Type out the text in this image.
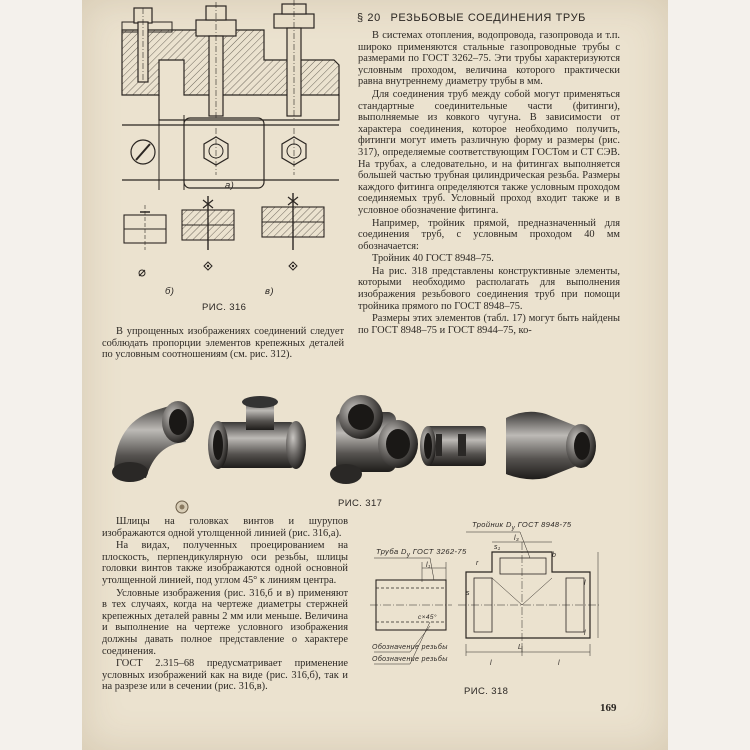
а)
б)	в)
РИС. 316
§ 20 РЕЗЬБОВЫЕ СОЕДИНЕНИЯ ТРУБ

В системах отопления, водопровода, газопровода и т.п. широко применяются стальные газопроводные трубы с размерами по ГОСТ 3262–75. Эти трубы характеризуются условным проходом, величина которого практически равна внутреннему диаметру трубы в мм.

Для соединения труб между собой могут применяться стандартные соединительные части (фитинги), выполняемые из ковкого чугуна. В зависимости от характера соединения, которое необходимо получить, фитинги могут иметь различную форму и размеры (рис. 317), определяемые соответствующим ГОСТом и СТ СЭВ. На трубах, а следовательно, и на фитингах выполняется большей частью трубная цилиндрическая резьба. Размеры каждого фитинга определяются также условным проходом соединяемых труб. Условный проход входит также и в условное обозначение фитинга.

Например, тройник прямой, предназначенный для соединения труб, с условным проходом 40 мм обозначается:

Тройник 40 ГОСТ 8948–75.

На рис. 318 представлены конструктивные элементы, которыми необходимо располагать для выполнения изображения резьбового соединения труб при помощи тройника прямого по ГОСТ 8948–75.

Размеры этих элементов (табл. 17) могут быть найдены по ГОСТ 8948–75 и ГОСТ 8944–75, ко-

В упрощенных изображениях соединений следует соблюдать пропорции элементов крепежных деталей по условным соотношениям (см. рис. 312).

РИС. 317

Шлицы на головках винтов и шурупов изображаются одной утолщенной линией (рис. 316,а).

На видах, полученных проецированием на плоскость, перпендикулярную оси резьбы, шлицы головки винтов также изображаются одной основной утолщенной линией, под углом 45° к линиям центра.

Условные изображения (рис. 316,б и в) применяют в тех случаях, когда на чертеже диаметры стержней крепежных деталей равны 2 мм или меньше. Величина и выполнение на чертеже условного изображения должны давать полное представление о характере соединения.

ГОСТ 2.315–68 предусматривает применение условных изображений как на виде (рис. 316,б), так и на разрезе или в сечении (рис. 316,в).

Тройник $D_у$ ГОСТ 8948-75
Труба $D_у$ ГОСТ 3262-75
Обозначение резьбы
Обозначение резьбы
с×45°
l₁
l₃
L
l	l
l
l
b
s
r
s₁
РИС. 318
169
